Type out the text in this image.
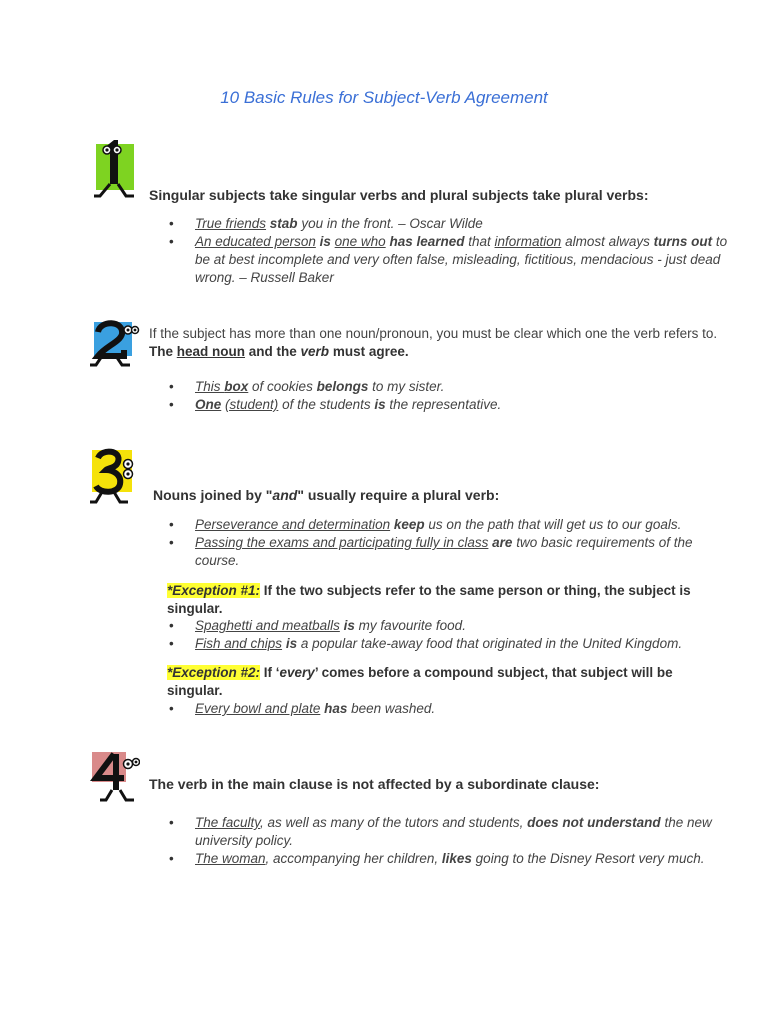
10 Basic Rules for Subject-Verb Agreement
Singular subjects take singular verbs and plural subjects take plural verbs:
• True friends stab you in the front. – Oscar Wilde
• An educated person is one who has learned that information almost always turns out to be at best incomplete and very often false, misleading, fictitious, mendacious - just dead wrong. – Russell Baker
If the subject has more than one noun/pronoun, you must be clear which one the verb refers to.
The head noun and the verb must agree.
• This box of cookies belongs to my sister.
• One (student) of the students is the representative.
Nouns joined by "and" usually require a plural verb:
• Perseverance and determination keep us on the path that will get us to our goals.
• Passing the exams and participating fully in class are two basic requirements of the course.
*Exception #1: If the two subjects refer to the same person or thing, the subject is singular.
• Spaghetti and meatballs is my favourite food.
• Fish and chips is a popular take-away food that originated in the United Kingdom.
*Exception #2: If ‘every’ comes before a compound subject, that subject will be singular.
• Every bowl and plate has been washed.
The verb in the main clause is not affected by a subordinate clause:
• The faculty, as well as many of the tutors and students, does not understand the new university policy.
• The woman, accompanying her children, likes going to the Disney Resort very much.
